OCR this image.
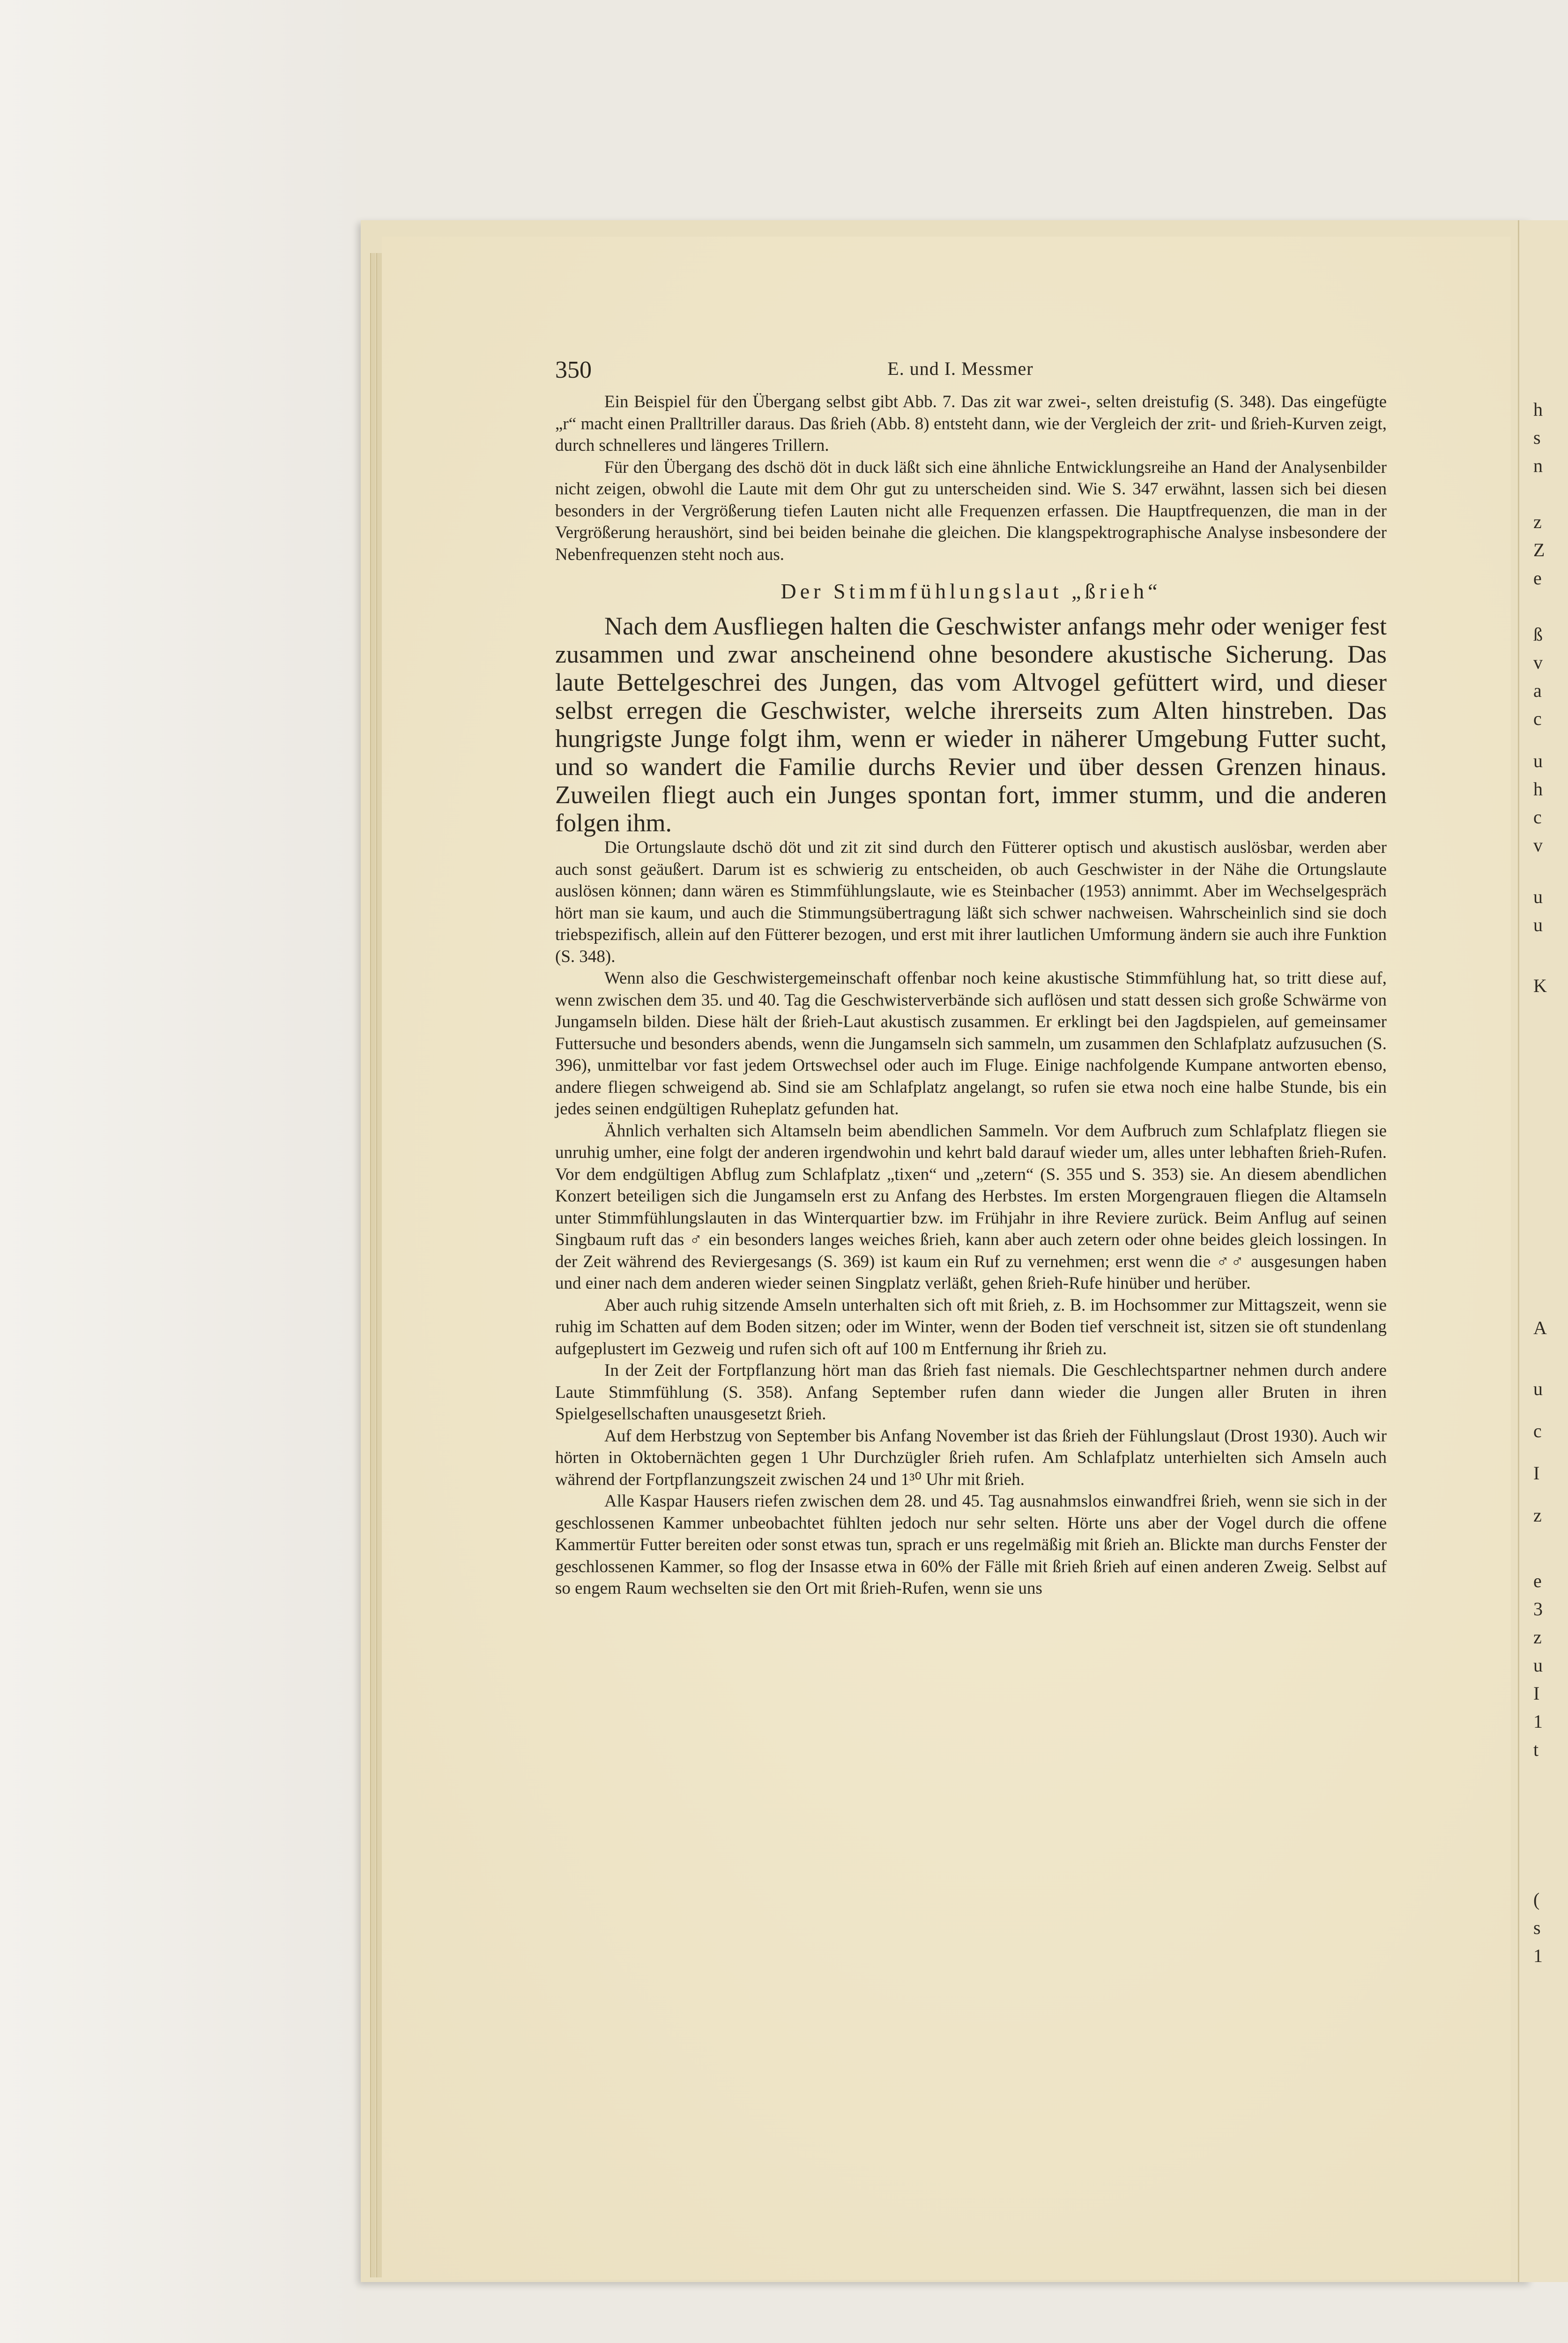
350	E. und I. Messmer

Ein Beispiel für den Übergang selbst gibt Abb. 7. Das zit war zwei-, selten dreistufig (S. 348). Das eingefügte „r“ macht einen Pralltriller daraus. Das ßrieh (Abb. 8) entsteht dann, wie der Vergleich der zrit- und ßrieh-Kurven zeigt, durch schnelleres und längeres Trillern.

Für den Übergang des dschö döt in duck läßt sich eine ähnliche Entwicklungsreihe an Hand der Analysenbilder nicht zeigen, obwohl die Laute mit dem Ohr gut zu unterscheiden sind. Wie S. 347 erwähnt, lassen sich bei diesen besonders in der Vergrößerung tiefen Lauten nicht alle Frequenzen erfassen. Die Hauptfrequenzen, die man in der Vergrößerung heraushört, sind bei beiden beinahe die gleichen. Die klangspektrographische Analyse insbesondere der Nebenfrequenzen steht noch aus.

Der Stimmfühlungslaut „ßrieh“

Nach dem Ausfliegen halten die Geschwister anfangs mehr oder weniger fest zusammen und zwar anscheinend ohne besondere akustische Sicherung. Das laute Bettelgeschrei des Jungen, das vom Altvogel gefüttert wird, und dieser selbst erregen die Geschwister, welche ihrerseits zum Alten hinstreben. Das hungrigste Junge folgt ihm, wenn er wieder in näherer Umgebung Futter sucht, und so wandert die Familie durchs Revier und über dessen Grenzen hinaus. Zuweilen fliegt auch ein Junges spontan fort, immer stumm, und die anderen folgen ihm.

Die Ortungslaute dschö döt und zit zit sind durch den Fütterer optisch und akustisch auslösbar, werden aber auch sonst geäußert. Darum ist es schwierig zu entscheiden, ob auch Geschwister in der Nähe die Ortungslaute auslösen können; dann wären es Stimmfühlungslaute, wie es Steinbacher (1953) annimmt. Aber im Wechselgespräch hört man sie kaum, und auch die Stimmungsübertragung läßt sich schwer nachweisen. Wahrscheinlich sind sie doch triebspezifisch, allein auf den Fütterer bezogen, und erst mit ihrer lautlichen Umformung ändern sie auch ihre Funktion (S. 348).

Wenn also die Geschwistergemeinschaft offenbar noch keine akustische Stimmfühlung hat, so tritt diese auf, wenn zwischen dem 35. und 40. Tag die Geschwisterverbände sich auflösen und statt dessen sich große Schwärme von Jungamseln bilden. Diese hält der ßrieh-Laut akustisch zusammen. Er erklingt bei den Jagdspielen, auf gemeinsamer Futtersuche und besonders abends, wenn die Jungamseln sich sammeln, um zusammen den Schlafplatz aufzusuchen (S. 396), unmittelbar vor fast jedem Ortswechsel oder auch im Fluge. Einige nachfolgende Kumpane antworten ebenso, andere fliegen schweigend ab. Sind sie am Schlafplatz angelangt, so rufen sie etwa noch eine halbe Stunde, bis ein jedes seinen endgültigen Ruheplatz gefunden hat.

Ähnlich verhalten sich Altamseln beim abendlichen Sammeln. Vor dem Aufbruch zum Schlafplatz fliegen sie unruhig umher, eine folgt der anderen irgendwohin und kehrt bald darauf wieder um, alles unter lebhaften ßrieh-Rufen. Vor dem endgültigen Abflug zum Schlafplatz „tixen“ und „zetern“ (S. 355 und S. 353) sie. An diesem abendlichen Konzert beteiligen sich die Jungamseln erst zu Anfang des Herbstes. Im ersten Morgengrauen fliegen die Altamseln unter Stimmfühlungslauten in das Winterquartier bzw. im Frühjahr in ihre Reviere zurück. Beim Anflug auf seinen Singbaum ruft das ♂ ein besonders langes weiches ßrieh, kann aber auch zetern oder ohne beides gleich lossingen. In der Zeit während des Reviergesangs (S. 369) ist kaum ein Ruf zu vernehmen; erst wenn die ♂♂ ausgesungen haben und einer nach dem anderen wieder seinen Singplatz verläßt, gehen ßrieh-Rufe hinüber und herüber.

Aber auch ruhig sitzende Amseln unterhalten sich oft mit ßrieh, z. B. im Hochsommer zur Mittagszeit, wenn sie ruhig im Schatten auf dem Boden sitzen; oder im Winter, wenn der Boden tief verschneit ist, sitzen sie oft stundenlang aufgeplustert im Gezweig und rufen sich oft auf 100 m Entfernung ihr ßrieh zu.

In der Zeit der Fortpflanzung hört man das ßrieh fast niemals. Die Geschlechtspartner nehmen durch andere Laute Stimmfühlung (S. 358). Anfang September rufen dann wieder die Jungen aller Bruten in ihren Spielgesellschaften unausgesetzt ßrieh.

Auf dem Herbstzug von September bis Anfang November ist das ßrieh der Fühlungslaut (Drost 1930). Auch wir hörten in Oktobernächten gegen 1 Uhr Durchzügler ßrieh rufen. Am Schlafplatz unterhielten sich Amseln auch während der Fortpflanzungszeit zwischen 24 und 1³⁰ Uhr mit ßrieh.

Alle Kaspar Hausers riefen zwischen dem 28. und 45. Tag ausnahmslos einwandfrei ßrieh, wenn sie sich in der geschlossenen Kammer unbeobachtet fühlten jedoch nur sehr selten. Hörte uns aber der Vogel durch die offene Kammertür Futter bereiten oder sonst etwas tun, sprach er uns regelmäßig mit ßrieh an. Blickte man durchs Fenster der geschlossenen Kammer, so flog der Insasse etwa in 60% der Fälle mit ßrieh ßrieh auf einen anderen Zweig. Selbst auf so engem Raum wechselten sie den Ort mit ßrieh-Rufen, wenn sie uns

h
s
n
z
Z
e
ß
v
a
c
u
h
c
v
u
u
K
A
u
c
I
z
e
3
z
u
I
1
t
(
s
1
